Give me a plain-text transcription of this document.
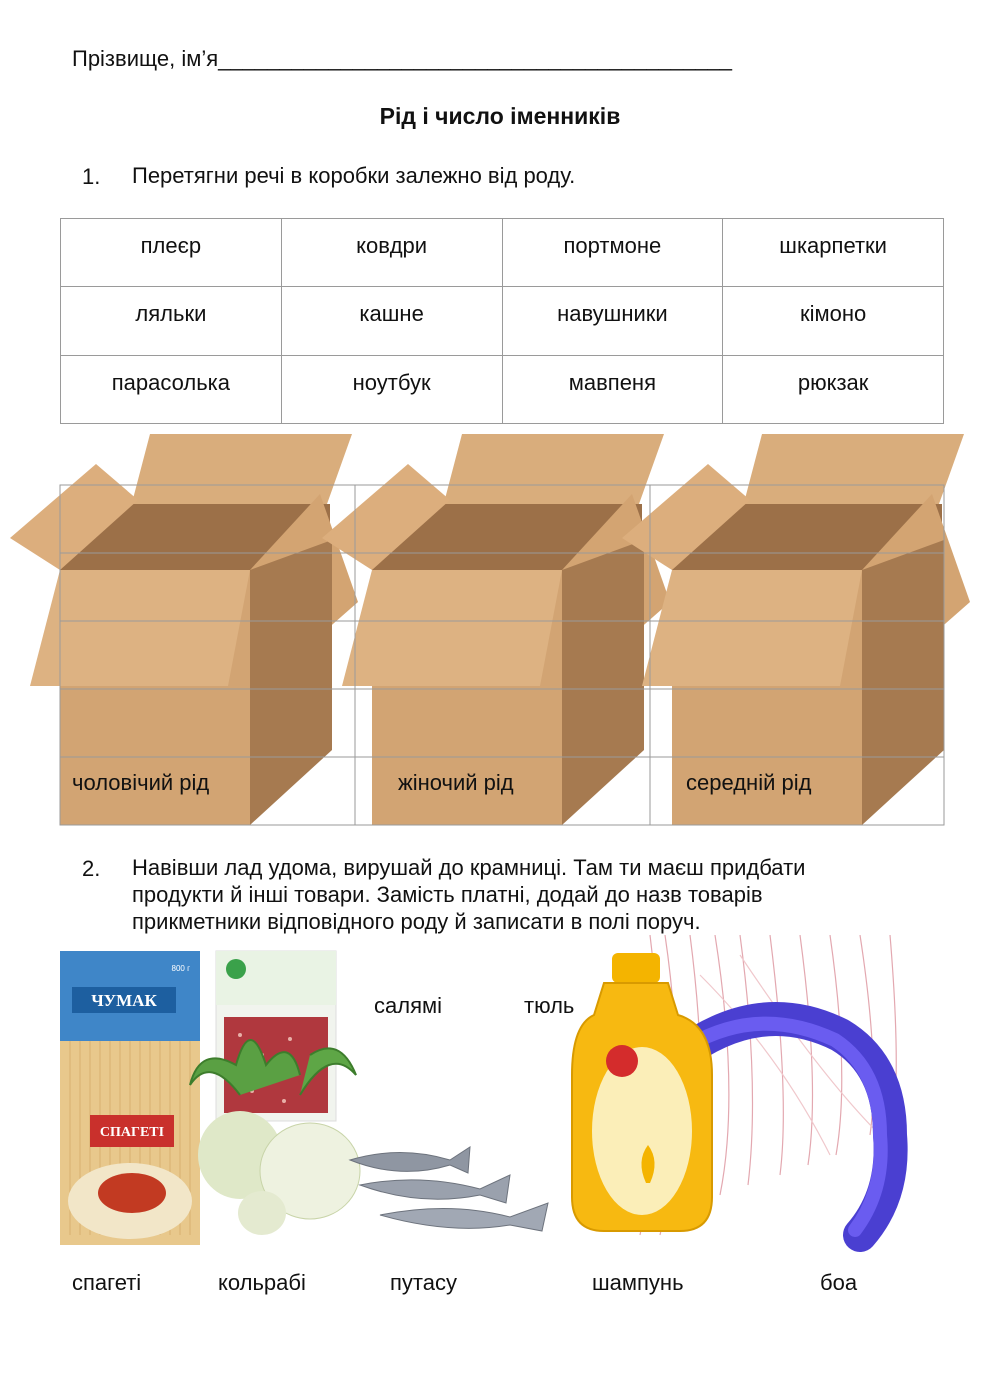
Прізвище, ім’я__________________________________________
Рід і число іменників
1. Перетягни речі в коробки залежно від роду.
плеєр	ковдри	портмоне	шкарпетки
ляльки	кашне	навушники	кімоно
парасолька	ноутбук	мавпеня	рюкзак
чоловічий рід	жіночий рід	середній рід
2. Навівши лад удома, вирушай до крамниці. Там ти маєш придбати
продукти й інші товари. Замість платні, додай до назв товарів
прикметники відповідного роду й записати в полі поруч.
ЧУМАК
800 г
СПАГЕТІ
салямі	тюль
спагеті	кольрабі	путасу	шампунь	боа
